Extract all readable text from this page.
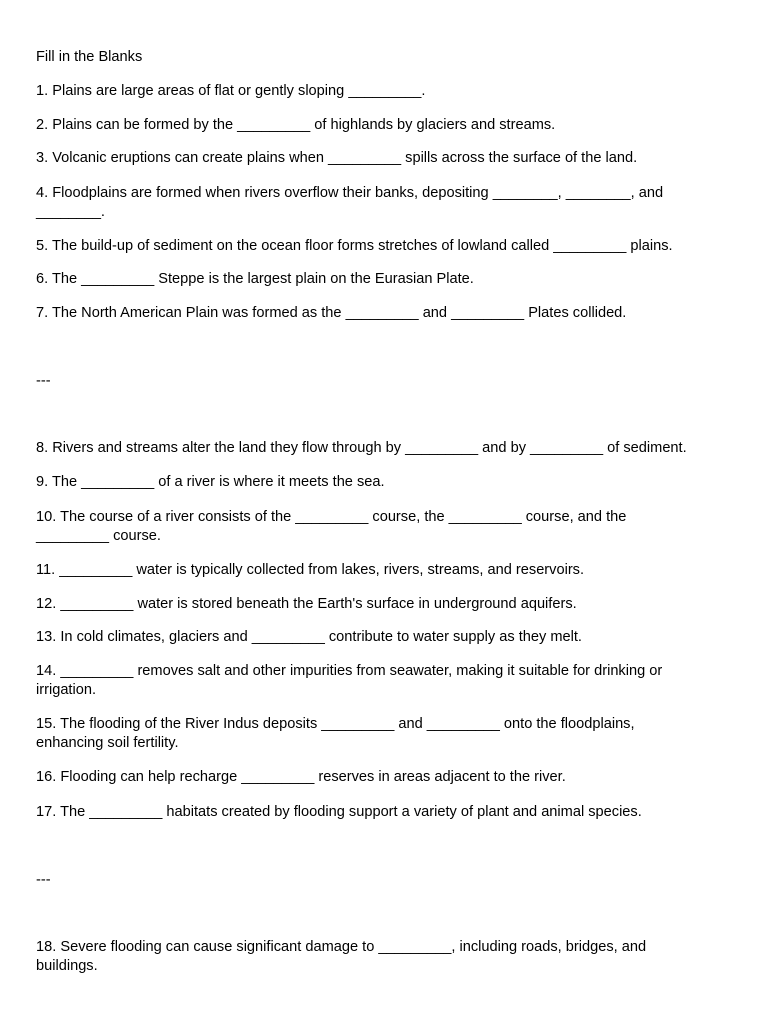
Fill in the Blanks
1. Plains are large areas of flat or gently sloping _________.
2. Plains can be formed by the _________ of highlands by glaciers and streams.
3. Volcanic eruptions can create plains when _________ spills across the surface of the land.
4. Floodplains are formed when rivers overflow their banks, depositing ________, ________, and ________.
5. The build-up of sediment on the ocean floor forms stretches of lowland called _________ plains.
6. The _________ Steppe is the largest plain on the Eurasian Plate.
7. The North American Plain was formed as the _________ and _________ Plates collided.
---
8. Rivers and streams alter the land they flow through by _________ and by _________ of sediment.
9. The _________ of a river is where it meets the sea.
10. The course of a river consists of the _________ course, the _________ course, and the _________ course.
11. _________ water is typically collected from lakes, rivers, streams, and reservoirs.
12. _________ water is stored beneath the Earth's surface in underground aquifers.
13. In cold climates, glaciers and _________ contribute to water supply as they melt.
14. _________ removes salt and other impurities from seawater, making it suitable for drinking or irrigation.
15. The flooding of the River Indus deposits _________ and _________ onto the floodplains, enhancing soil fertility.
16. Flooding can help recharge _________ reserves in areas adjacent to the river.
17. The _________ habitats created by flooding support a variety of plant and animal species.
---
18. Severe flooding can cause significant damage to _________, including roads, bridges, and buildings.
